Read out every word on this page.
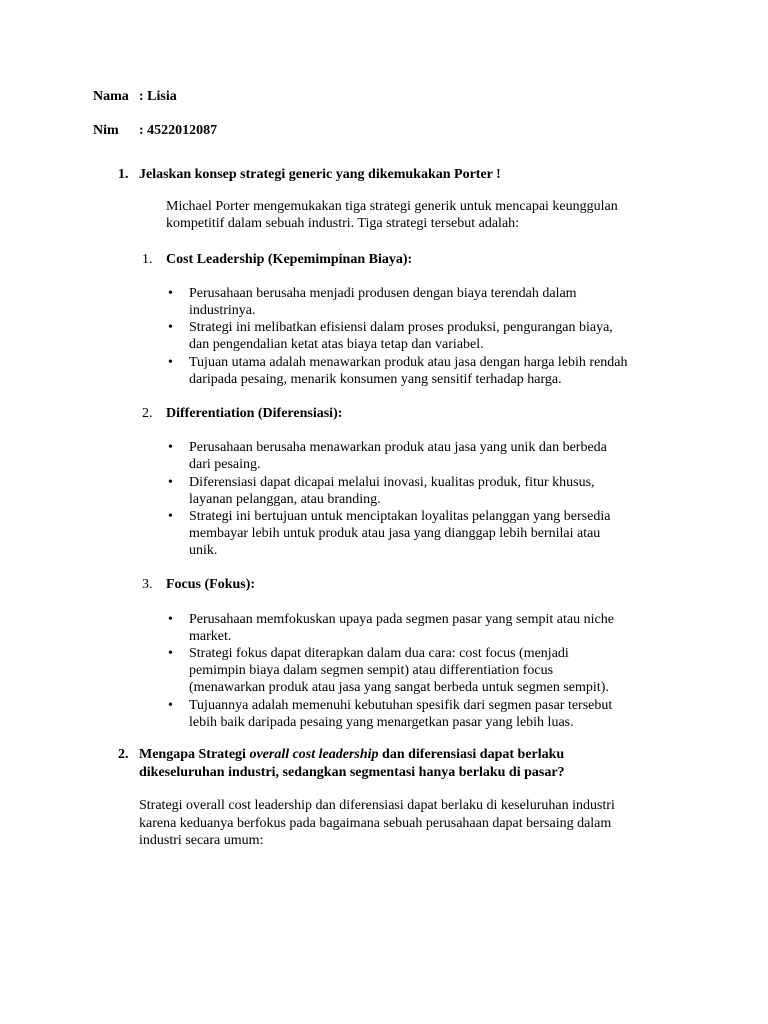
Nama : Lisia
Nim : 4522012087
1. Jelaskan konsep strategi generic yang dikemukakan Porter !
Michael Porter mengemukakan tiga strategi generik untuk mencapai keunggulan
kompetitif dalam sebuah industri. Tiga strategi tersebut adalah:
1. Cost Leadership (Kepemimpinan Biaya):
• Perusahaan berusaha menjadi produsen dengan biaya terendah dalam
industrinya.
• Strategi ini melibatkan efisiensi dalam proses produksi, pengurangan biaya,
dan pengendalian ketat atas biaya tetap dan variabel.
• Tujuan utama adalah menawarkan produk atau jasa dengan harga lebih rendah
daripada pesaing, menarik konsumen yang sensitif terhadap harga.
2. Differentiation (Diferensiasi):
• Perusahaan berusaha menawarkan produk atau jasa yang unik dan berbeda
dari pesaing.
• Diferensiasi dapat dicapai melalui inovasi, kualitas produk, fitur khusus,
layanan pelanggan, atau branding.
• Strategi ini bertujuan untuk menciptakan loyalitas pelanggan yang bersedia
membayar lebih untuk produk atau jasa yang dianggap lebih bernilai atau
unik.
3. Focus (Fokus):
• Perusahaan memfokuskan upaya pada segmen pasar yang sempit atau niche
market.
• Strategi fokus dapat diterapkan dalam dua cara: cost focus (menjadi
pemimpin biaya dalam segmen sempit) atau differentiation focus
(menawarkan produk atau jasa yang sangat berbeda untuk segmen sempit).
• Tujuannya adalah memenuhi kebutuhan spesifik dari segmen pasar tersebut
lebih baik daripada pesaing yang menargetkan pasar yang lebih luas.
2. Mengapa Strategi overall cost leadership dan diferensiasi dapat berlaku
dikeseluruhan industri, sedangkan segmentasi hanya berlaku di pasar?
Strategi overall cost leadership dan diferensiasi dapat berlaku di keseluruhan industri
karena keduanya berfokus pada bagaimana sebuah perusahaan dapat bersaing dalam
industri secara umum:
